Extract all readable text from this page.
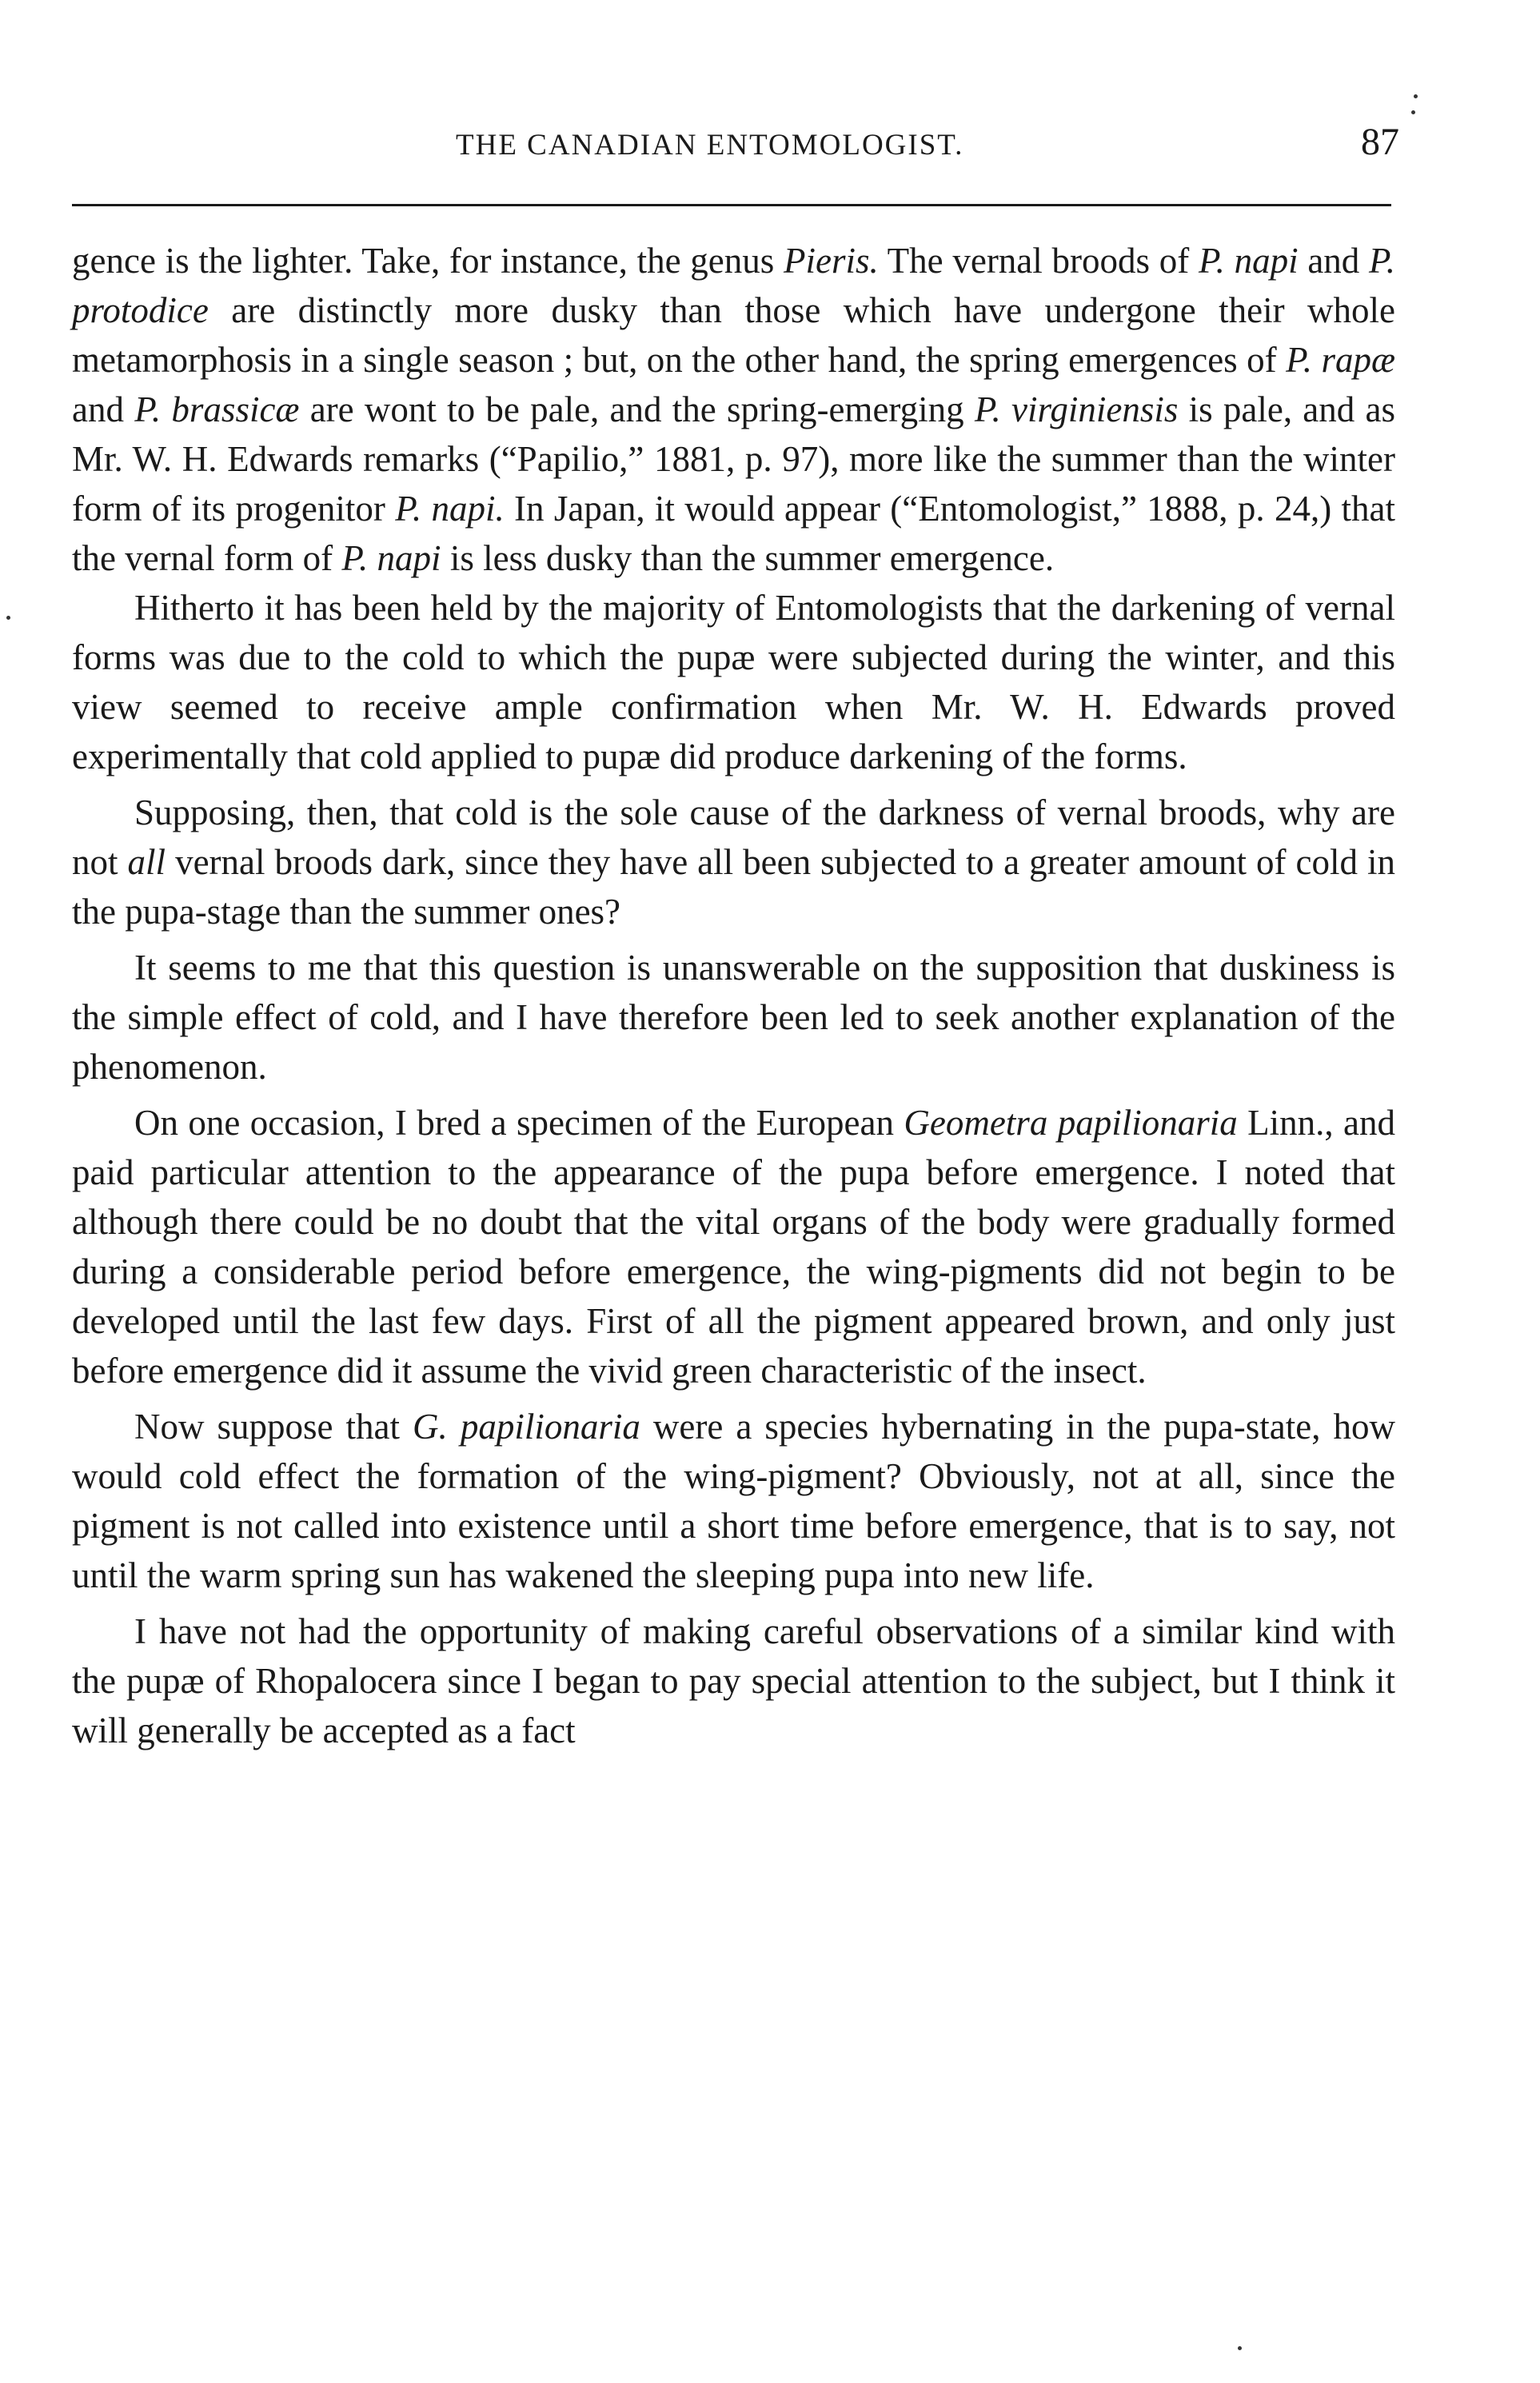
THE CANADIAN ENTOMOLOGIST.	87

gence is the lighter. Take, for instance, the genus Pieris. The vernal broods of P. napi and P. protodice are distinctly more dusky than those which have undergone their whole metamorphosis in a single season ; but, on the other hand, the spring emergences of P. rapæ and P. brassicæ are wont to be pale, and the spring-emerging P. virginiensis is pale, and as Mr. W. H. Edwards remarks (“Papilio,” 1881, p. 97), more like the summer than the winter form of its progenitor P. napi. In Japan, it would appear (“Entomologist,” 1888, p. 24,) that the vernal form of P. napi is less dusky than the summer emergence.

Hitherto it has been held by the majority of Entomologists that the darkening of vernal forms was due to the cold to which the pupæ were subjected during the winter, and this view seemed to receive ample confirmation when Mr. W. H. Edwards proved experimentally that cold applied to pupæ did produce darkening of the forms.

Supposing, then, that cold is the sole cause of the darkness of vernal broods, why are not all vernal broods dark, since they have all been subjected to a greater amount of cold in the pupa-stage than the summer ones?

It seems to me that this question is unanswerable on the supposition that duskiness is the simple effect of cold, and I have therefore been led to seek another explanation of the phenomenon.

On one occasion, I bred a specimen of the European Geometra papilionaria Linn., and paid particular attention to the appearance of the pupa before emergence. I noted that although there could be no doubt that the vital organs of the body were gradually formed during a considerable period before emergence, the wing-pigments did not begin to be developed until the last few days. First of all the pigment appeared brown, and only just before emergence did it assume the vivid green characteristic of the insect.

Now suppose that G. papilionaria were a species hybernating in the pupa-state, how would cold effect the formation of the wing-pigment? Obviously, not at all, since the pigment is not called into existence until a short time before emergence, that is to say, not until the warm spring sun has wakened the sleeping pupa into new life.

I have not had the opportunity of making careful observations of a similar kind with the pupæ of Rhopalocera since I began to pay special attention to the subject, but I think it will generally be accepted as a fact
